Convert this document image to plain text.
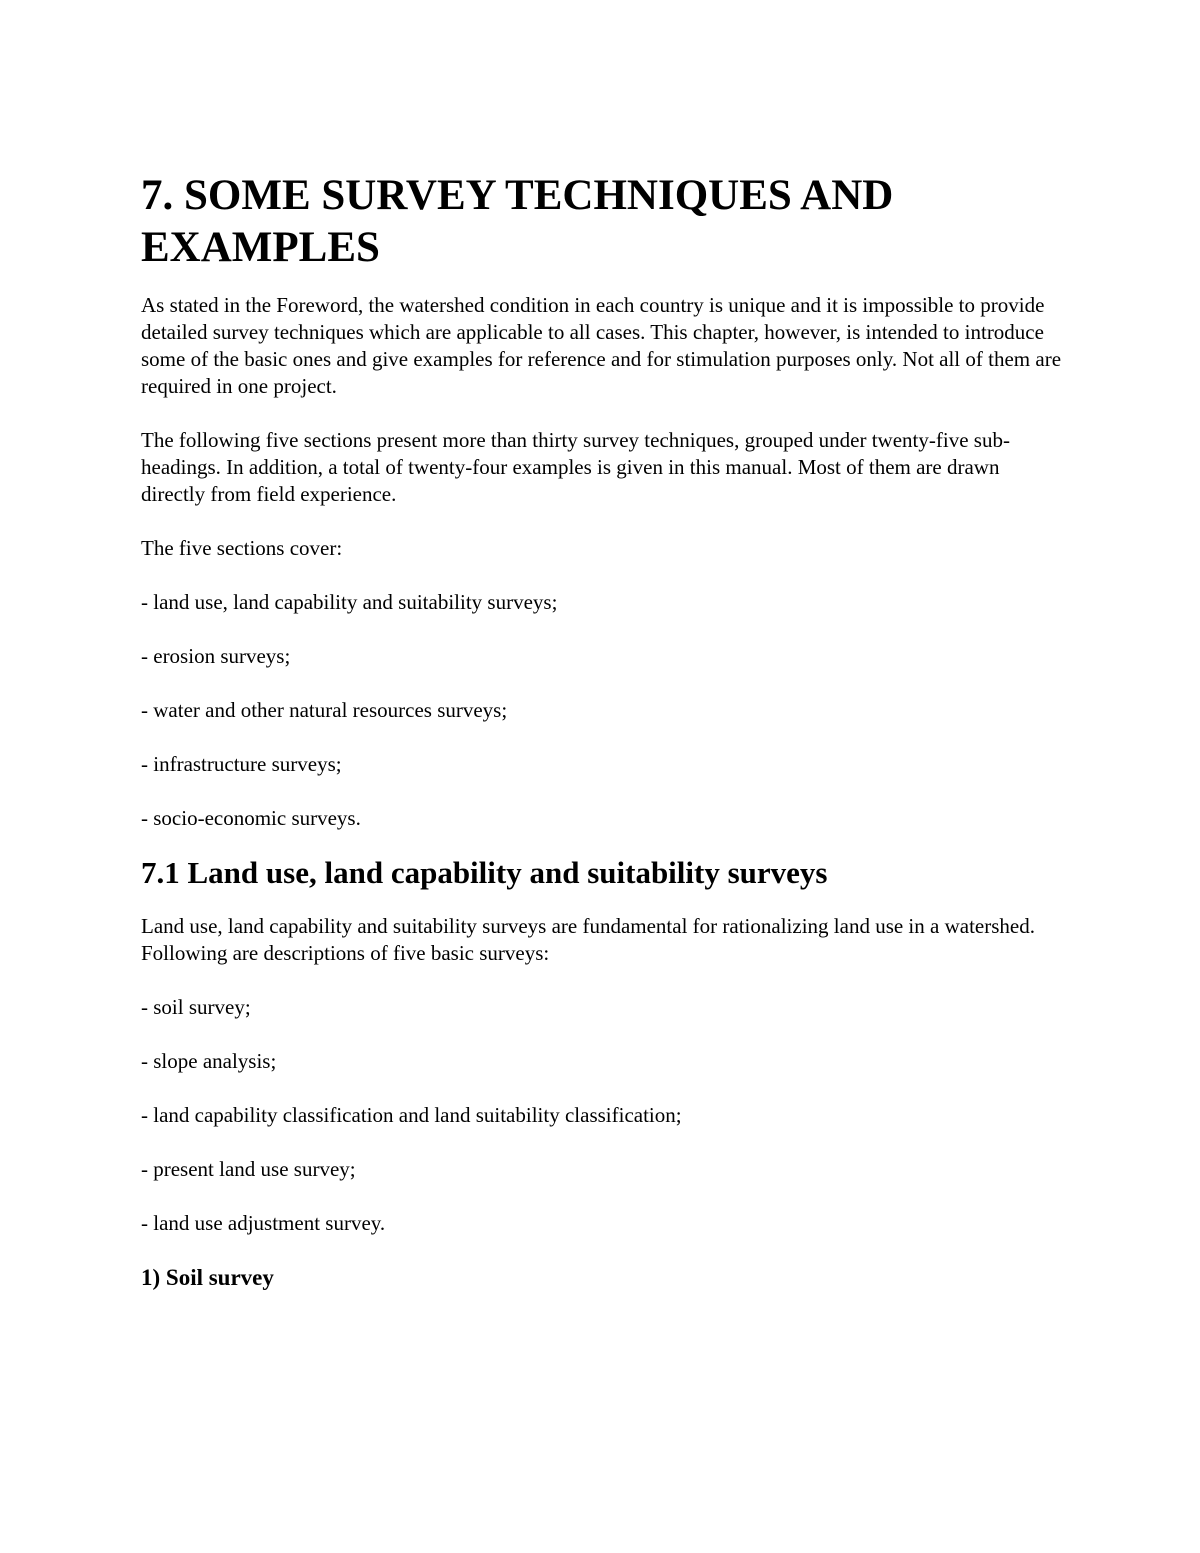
7. SOME SURVEY TECHNIQUES AND EXAMPLES

As stated in the Foreword, the watershed condition in each country is unique and it is impossible to provide detailed survey techniques which are applicable to all cases. This chapter, however, is intended to introduce some of the basic ones and give examples for reference and for stimulation purposes only. Not all of them are required in one project.

The following five sections present more than thirty survey techniques, grouped under twenty-five sub-headings. In addition, a total of twenty-four examples is given in this manual. Most of them are drawn directly from field experience.

The five sections cover:

- land use, land capability and suitability surveys;
- erosion surveys;
- water and other natural resources surveys;
- infrastructure surveys;
- socio-economic surveys.
7.1 Land use, land capability and suitability surveys

Land use, land capability and suitability surveys are fundamental for rationalizing land use in a watershed. Following are descriptions of five basic surveys:

- soil survey;
- slope analysis;
- land capability classification and land suitability classification;
- present land use survey;
- land use adjustment survey.
1) Soil survey
